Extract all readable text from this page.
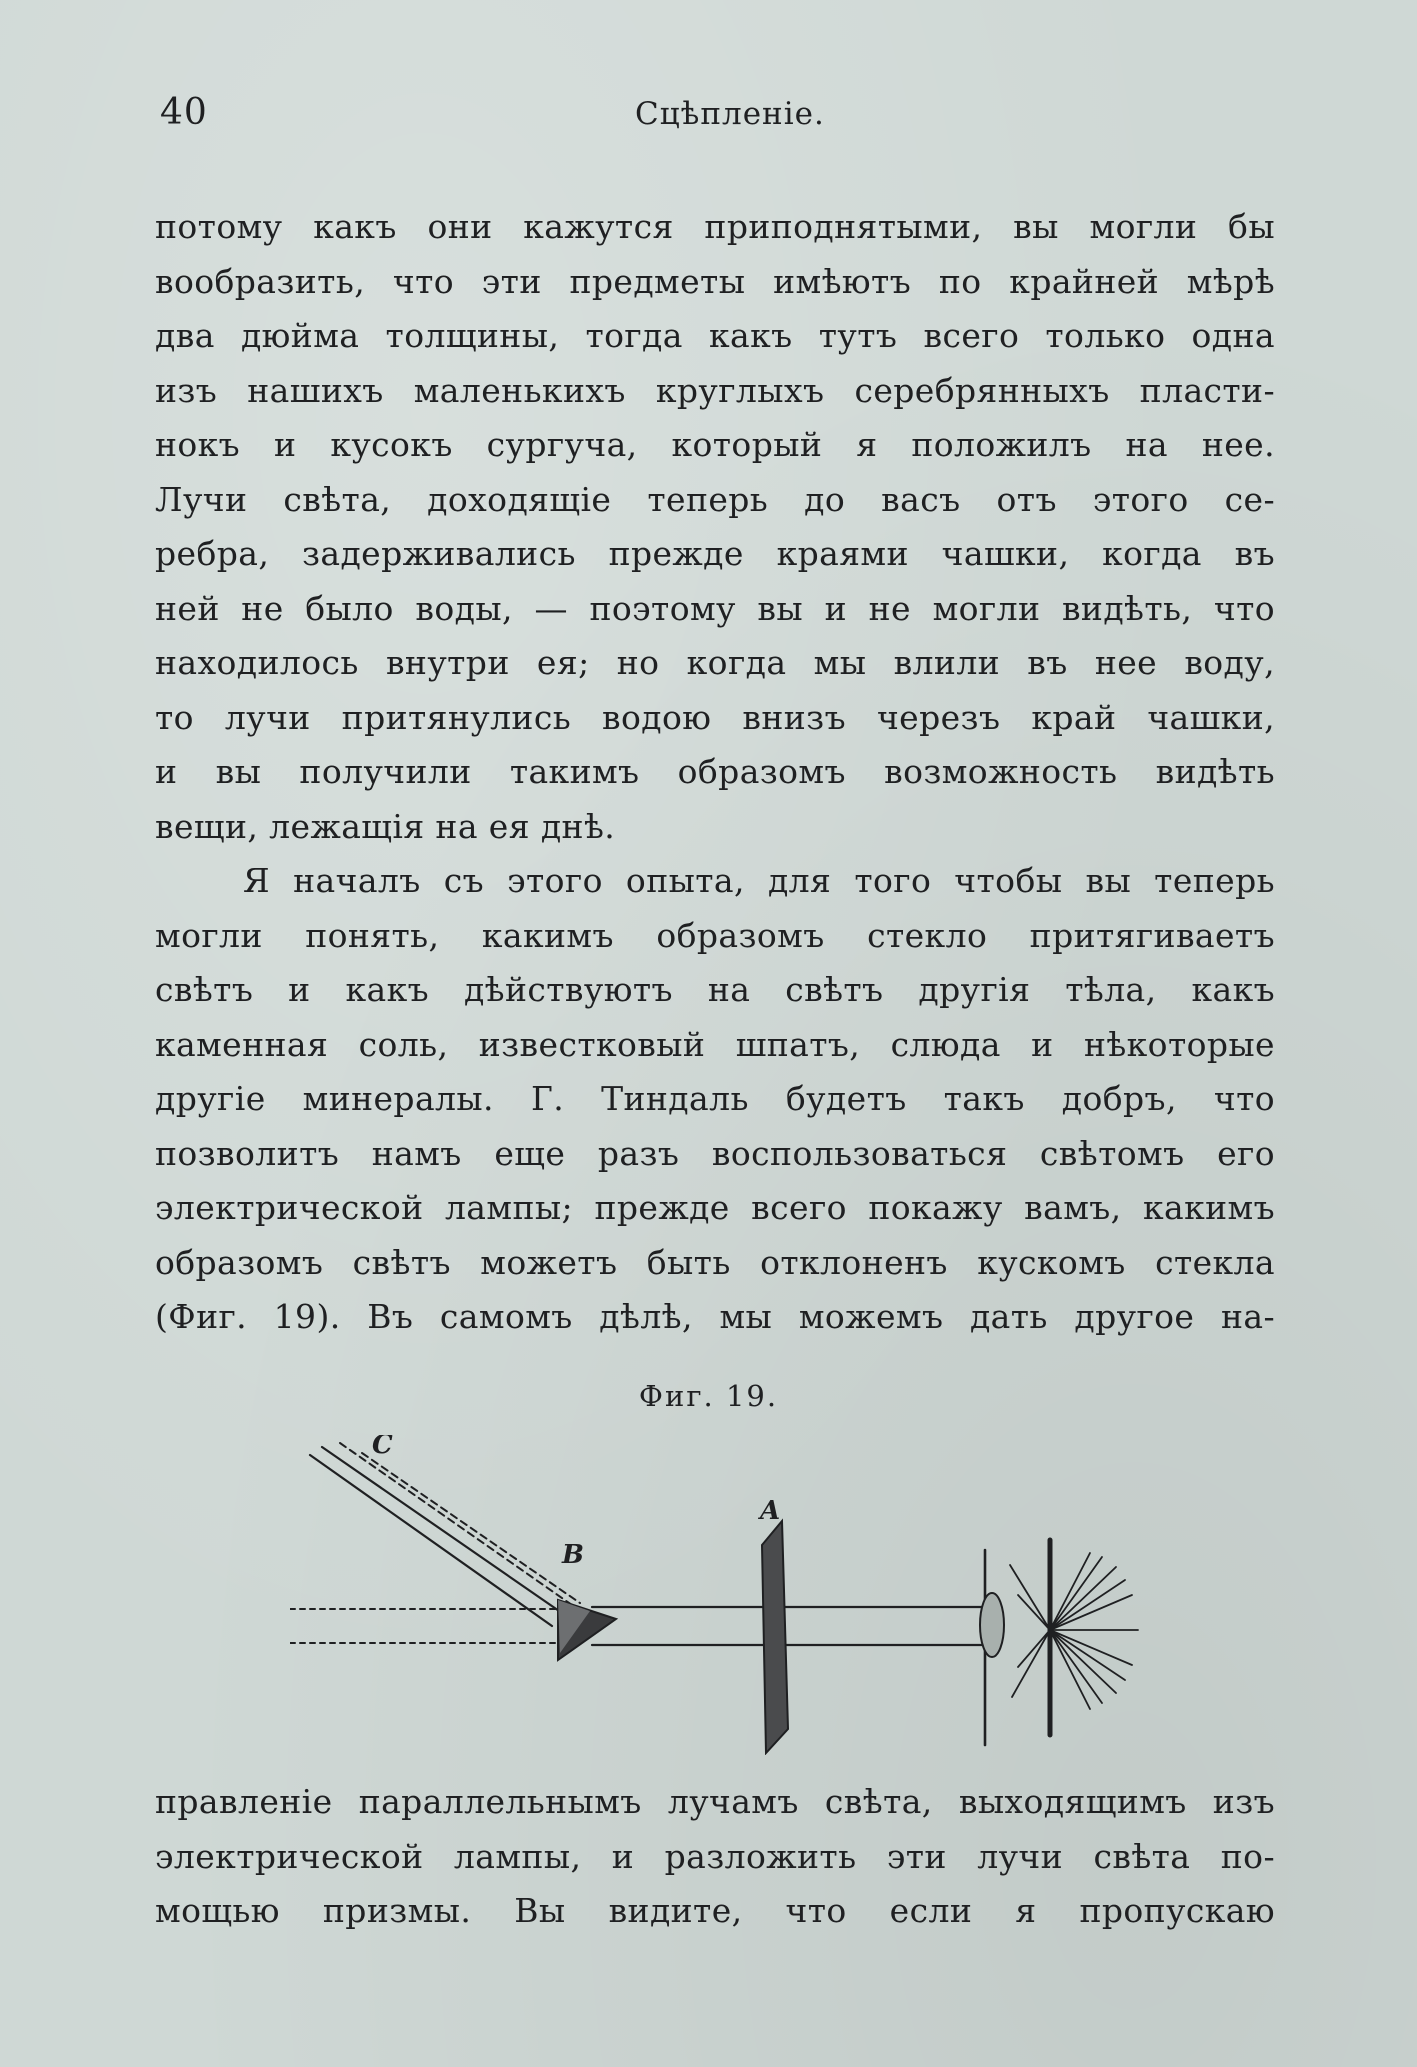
40	Сцѣпленіе.
потому какъ они кажутся приподнятыми, вы могли бы
вообразить, что эти предметы имѣютъ по крайней мѣрѣ
два дюйма толщины, тогда какъ тутъ всего только одна
изъ нашихъ маленькихъ круглыхъ серебрянныхъ пласти-
нокъ и кусокъ сургуча, который я положилъ на нее.
Лучи свѣта, доходящіе теперь до васъ отъ этого се-
ребра, задерживались прежде краями чашки, когда въ
ней не было воды, — поэтому вы и не могли видѣть, что
находилось внутри ея; но когда мы влили въ нее воду,
то лучи притянулись водою внизъ черезъ край чашки,
и вы получили такимъ образомъ возможность видѣть
вещи, лежащія на ея днѣ.
Я началъ съ этого опыта, для того чтобы вы теперь
могли понять, какимъ образомъ стекло притягиваетъ
свѣтъ и какъ дѣйствуютъ на свѣтъ другія тѣла, какъ
каменная соль, известковый шпатъ, слюда и нѣкоторые
другіе минералы. Г. Тиндаль будетъ такъ добръ, что
позволитъ намъ еще разъ воспользоваться свѣтомъ его
электрической лампы; прежде всего покажу вамъ, какимъ
образомъ свѣтъ можетъ быть отклоненъ кускомъ стекла
(Фиг. 19). Въ самомъ дѣлѣ, мы можемъ дать другое на-
Фиг. 19.
C
B
A
правленіе параллельнымъ лучамъ свѣта, выходящимъ изъ
электрической лампы, и разложить эти лучи свѣта по-
мощью призмы. Вы видите, что если я пропускаю
